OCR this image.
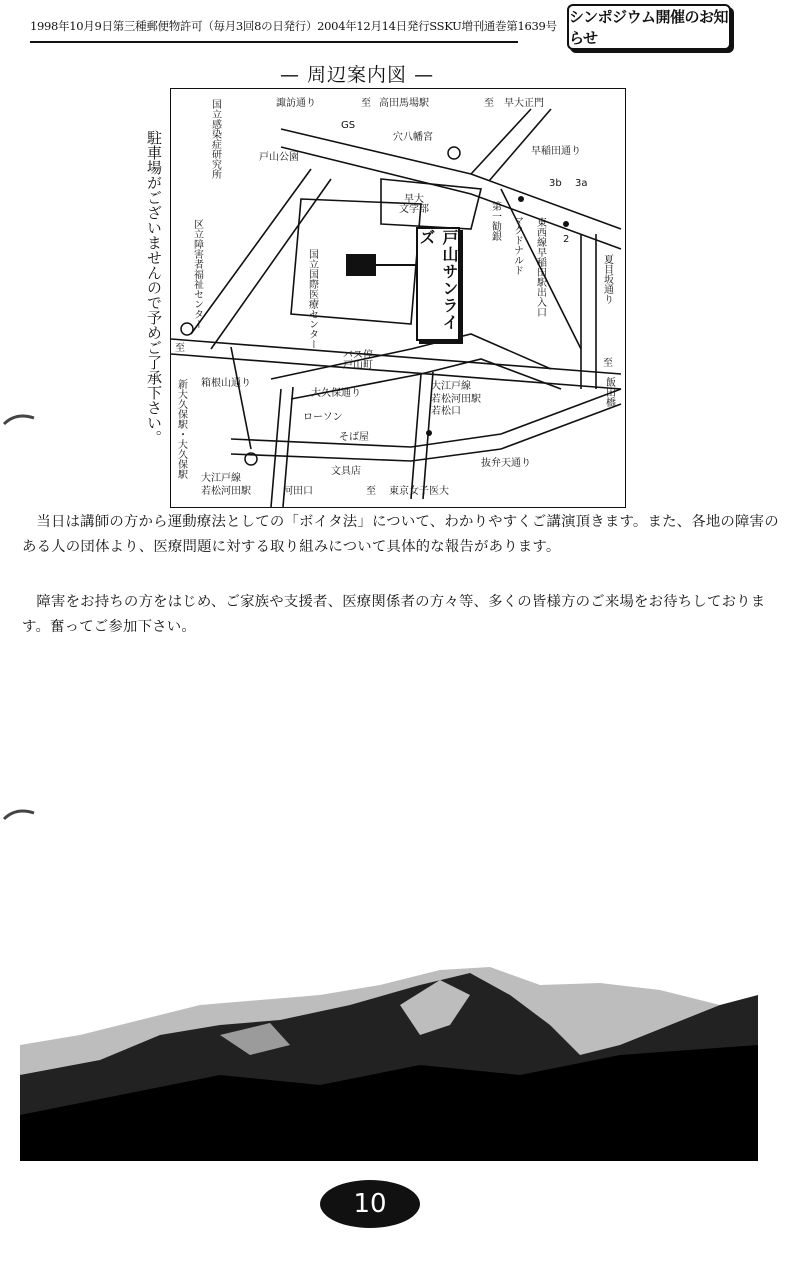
1998年10月9日第三種郵便物許可（毎月3回8の日発行）2004年12月14日発行SSKU増刊通巻第1639号 シンポジウム開催のお知らせ
— 周辺案内図 —
駐車場がございませんので予めご了承下さい。
諏訪通り	至 高田馬場駅	至 早大正門
GS
穴八幡宮
早稲田通り
3b 3a
2
戸山公園
早大
文学部
国立感染症研究所
区立障害者福祉センター	国立国際医療センター
第一勧銀 マクドナルド 東西線早稲田駅出入口	夏目坂通り
至
飯田橋
バス停
戸山町
箱根山通り
大久保通り
大江戸線
若松河田駅
若松口
ローソン
そば屋
抜弁天通り
至
新大久保駅・大久保駅 大江戸線
若松河田駅	河田口
文具店
至 東京女子医大
戸山サンライズ
当日は講師の方から運動療法としての「ボイタ法」について、わかりやすくご講演頂きます。また、各地の障害のある人の団体より、医療問題に対する取り組みについて具体的な報告があります。
障害をお持ちの方をはじめ、ご家族や支援者、医療関係者の方々等、多くの皆様方のご来場をお待ちしております。奮ってご参加下さい。
10
